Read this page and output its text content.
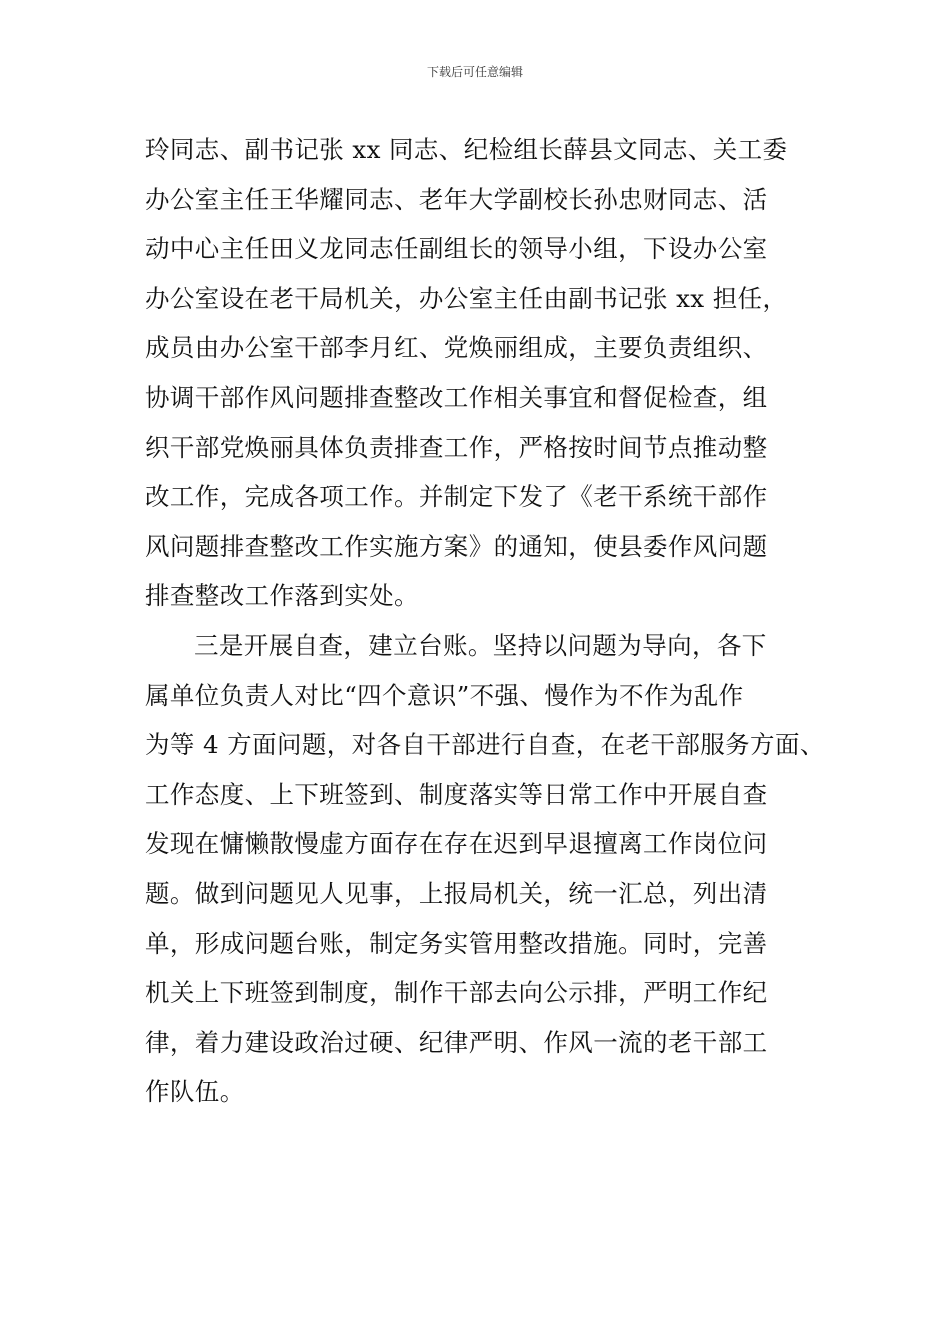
下载后可任意编辑
玲同志、副书记张 xx 同志、纪检组长薛县文同志、关工委
办公室主任王华耀同志、老年大学副校长孙忠财同志、活
动中心主任田义龙同志任副组长的领导小组，下设办公室
办公室设在老干局机关，办公室主任由副书记张 xx 担任，
成员由办公室干部李月红、党焕丽组成，主要负责组织、
协调干部作风问题排查整改工作相关事宜和督促检查，组
织干部党焕丽具体负责排查工作，严格按时间节点推动整
改工作，完成各项工作。并制定下发了《老干系统干部作
风问题排查整改工作实施方案》的通知，使县委作风问题
排查整改工作落到实处。
三是开展自查，建立台账。坚持以问题为导向，各下
属单位负责人对比“四个意识”不强、慢作为不作为乱作
为等 4 方面问题，对各自干部进行自查，在老干部服务方面、
工作态度、上下班签到、制度落实等日常工作中开展自查
发现在慵懒散慢虚方面存在存在迟到早退擅离工作岗位问
题。做到问题见人见事，上报局机关，统一汇总，列出清
单，形成问题台账，制定务实管用整改措施。同时，完善
机关上下班签到制度，制作干部去向公示排，严明工作纪
律，着力建设政治过硬、纪律严明、作风一流的老干部工
作队伍。
